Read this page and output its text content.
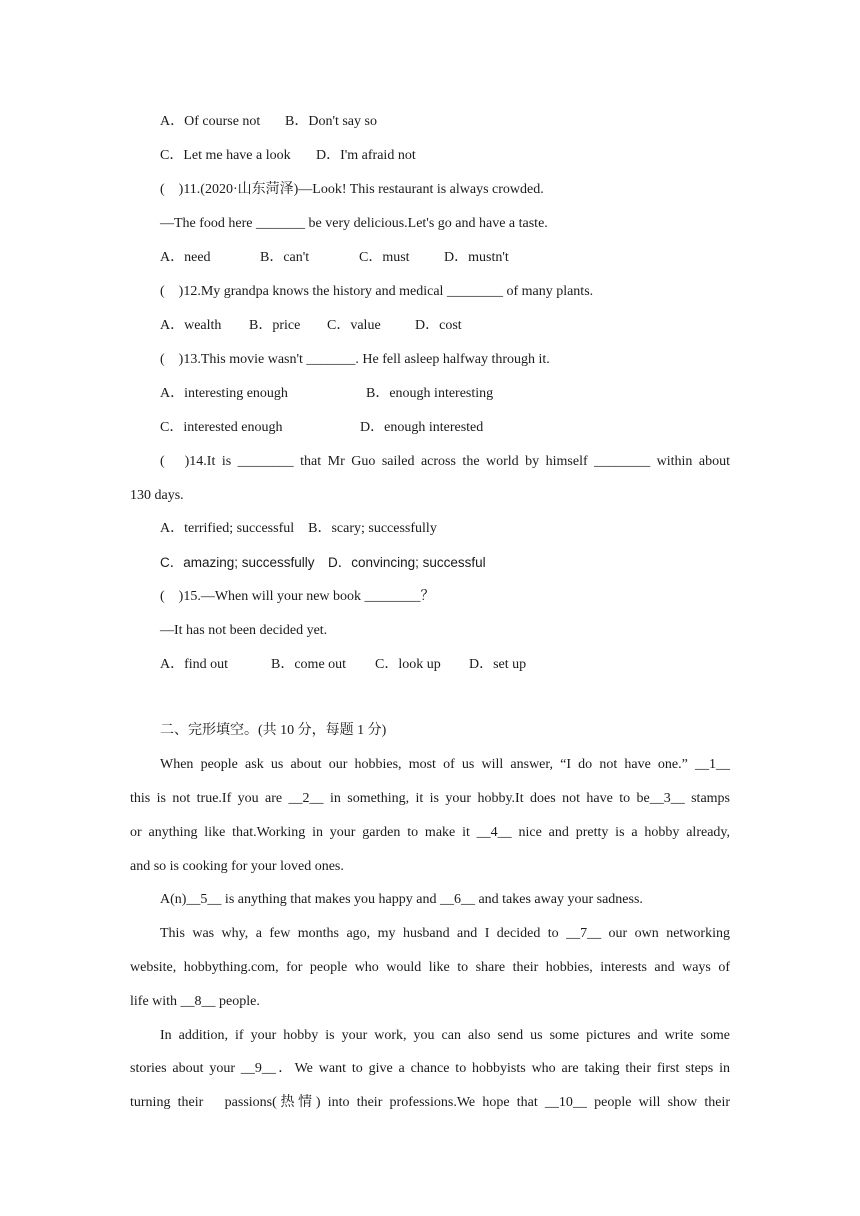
A．Of course not B．Don't say so
C．Let me have a look D．I'm afraid not
(　)11.(2020·山东菏泽)—Look! This restaurant is always crowded.
—The food here _______ be very delicious.Let's go and have a taste.
A．need	B．can't	C．must D．mustn't
(　)12.My grandpa knows the history and medical ________ of many plants.
A．wealth B．price C．value D．cost
(　)13.This movie wasn't _______. He fell asleep halfway through it.
A．interesting enough	B．enough interesting
C．interested enough	D．enough interested
(　)14.It is ________ that Mr Guo sailed across the world by himself ________ within about
130 days.
A．terrified; successful　B．scary; successfully
C．amazing; successfully　D．convincing; successful
(　)15.—When will your new book ________？
—It has not been decided yet.
A．find out	B．come out C．look up D．set up
二、完形填空。(共 10 分，每题 1 分)
When people ask us about our hobbies, most of us will answer, “I do not have one.” __1__
this is not true.If you are __2__ in something, it is your hobby.It does not have to be__3__ stamps
or anything like that.Working in your garden to make it __4__ nice and pretty is a hobby already,
and so is cooking for your loved ones.
A(n)__5__ is anything that makes you happy and __6__ and takes away your sadness.
This was why, a few months ago, my husband and I decided to __7__ our own networking
website, hobbything.com, for people who would like to share their hobbies, interests and ways of
life with __8__ people.
In addition, if your hobby is your work, you can also send us some pictures and write some
stories about your __9__．We want to give a chance to hobbyists who are taking their first steps in
turning their　passions(热情) into their professions.We hope that __10__ people will show their
